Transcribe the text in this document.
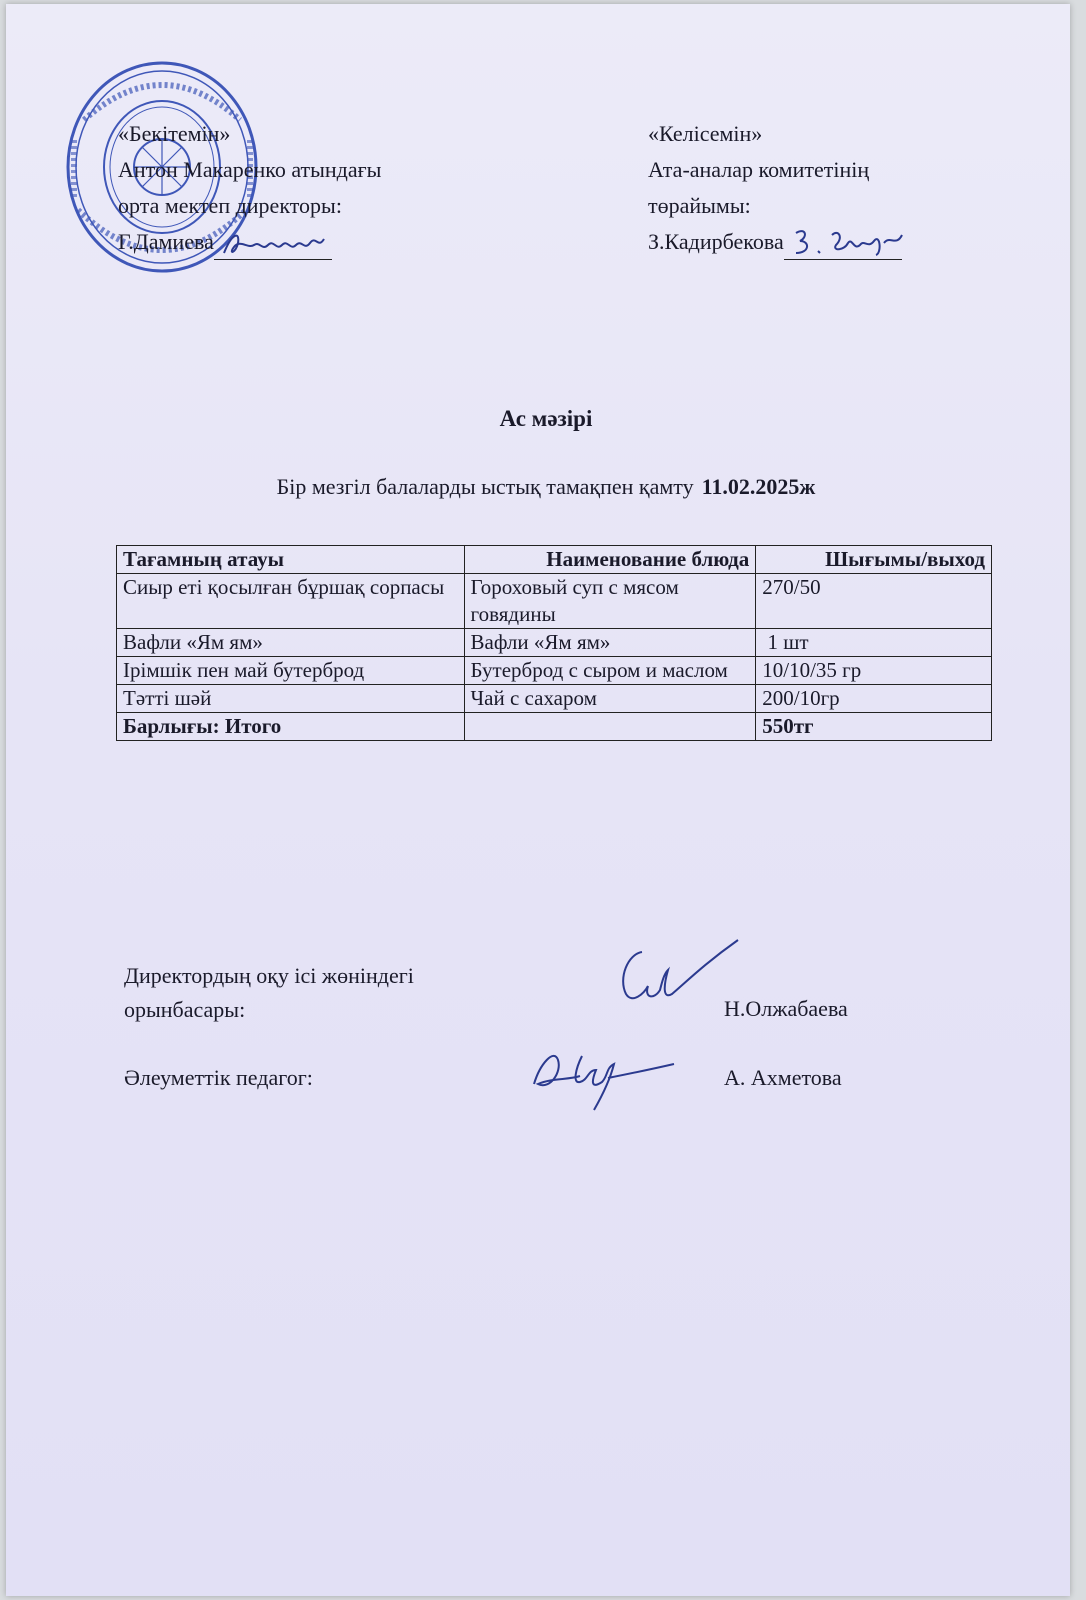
«Бекітемін»
Антон Макаренко атындағы
орта мектеп директоры:
Г.Дамиева
«Келісемін»
Ата-аналар комитетінің
төрайымы:
З.Кадирбекова
Ас мәзірі
Бір мезгіл балаларды ыстық тамақпен қамту 11.02.2025ж
Тағамның атауы	Наименование блюда	Шығымы/выход
Сиыр еті қосылған бұршақ сорпасы	Гороховый суп с мясом говядины	270/50
Вафли «Ям ям»	Вафли «Ям ям»	1 шт
Ірімшік пен май бутерброд	Бутерброд с сыром и маслом	10/10/35 гр
Тәтті шәй	Чай с сахаром	200/10гр
Барлығы: Итого		550тг
Директордың оқу ісі жөніндегі орынбасары:	Н.Олжабаева
Әлеуметтік педагог:	А. Ахметова
